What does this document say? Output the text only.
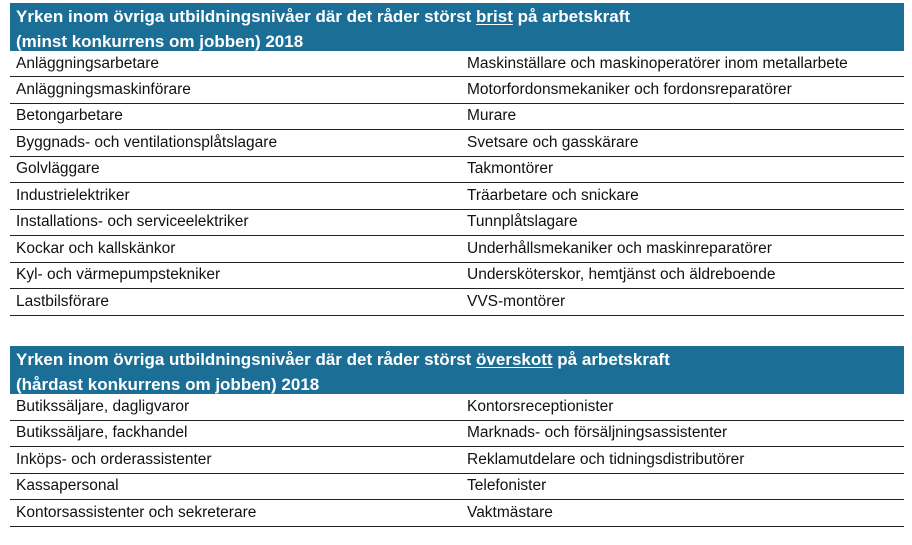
Yrken inom övriga utbildningsnivåer där det råder störst brist på arbetskraft
(minst konkurrens om jobben) 2018
Anläggningsarbetare	Maskinställare och maskinoperatörer inom metallarbete
Anläggningsmaskinförare	Motorfordonsmekaniker och fordonsreparatörer
Betongarbetare	Murare
Byggnads- och ventilationsplåtslagare	Svetsare och gasskärare
Golvläggare	Takmontörer
Industrielektriker	Träarbetare och snickare
Installations- och serviceelektriker	Tunnplåtslagare
Kockar och kallskänkor	Underhållsmekaniker och maskinreparatörer
Kyl- och värmepumpstekniker	Undersköterskor, hemtjänst och äldreboende
Lastbilsförare	VVS-montörer
Yrken inom övriga utbildningsnivåer där det råder störst överskott på arbetskraft
(hårdast konkurrens om jobben) 2018
Butikssäljare, dagligvaror	Kontorsreceptionister
Butikssäljare, fackhandel	Marknads- och försäljningsassistenter
Inköps- och orderassistenter	Reklamutdelare och tidningsdistributörer
Kassapersonal	Telefonister
Kontorsassistenter och sekreterare	Vaktmästare
